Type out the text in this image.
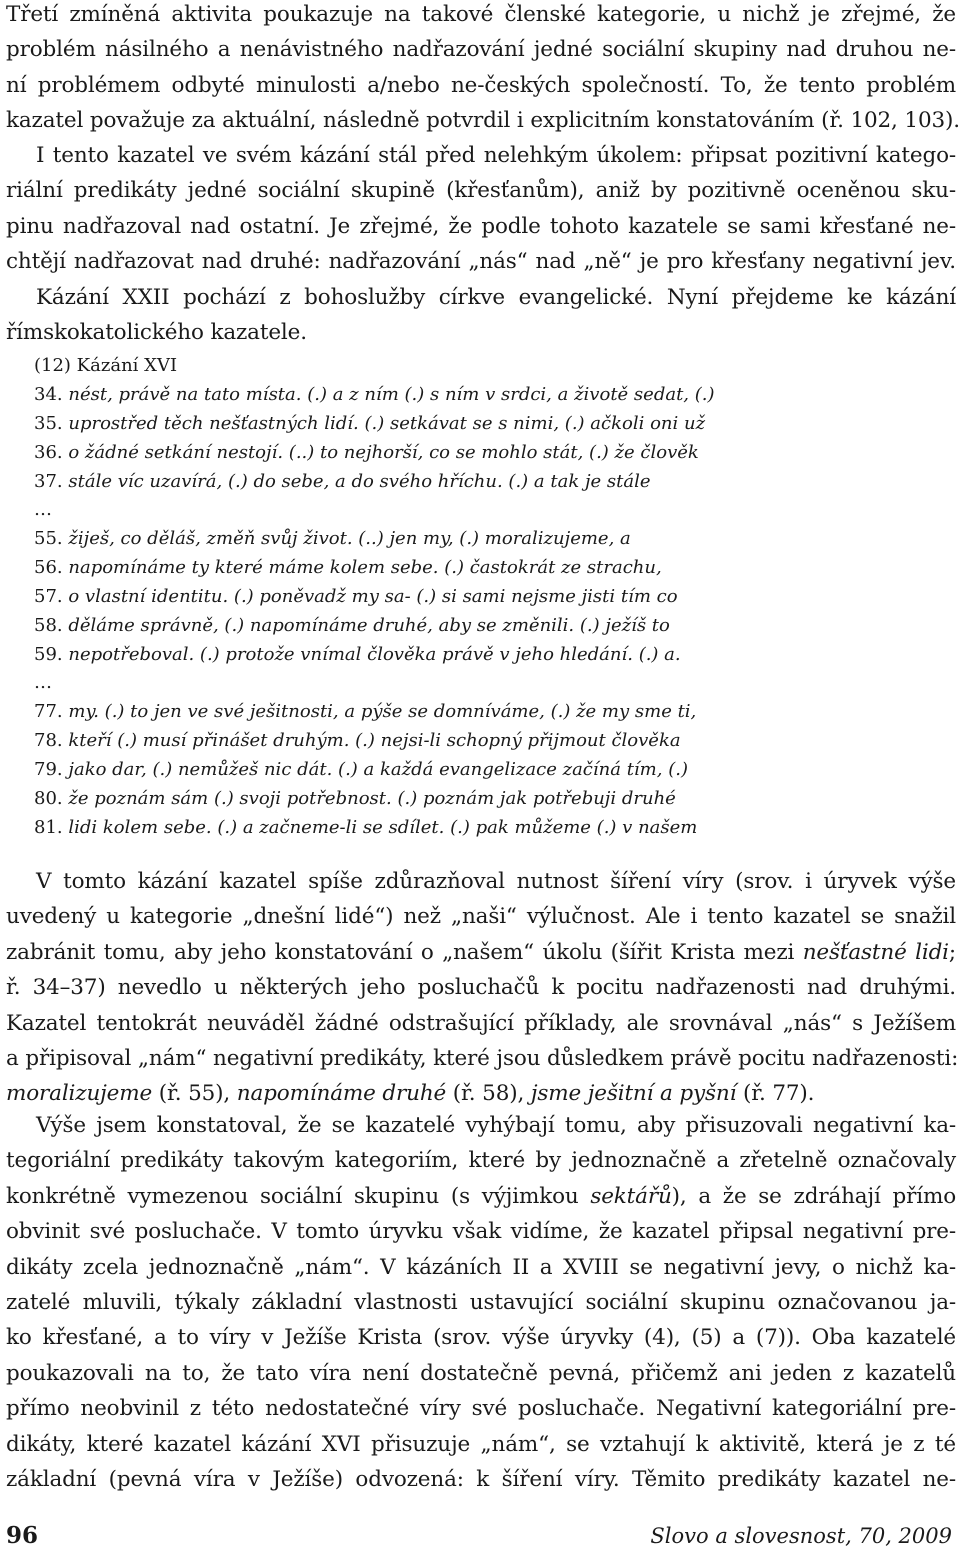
Třetí zmíněná aktivita poukazuje na takové členské kategorie, u nichž je zřejmé, že
problém násilného a nenávistného nadřazování jedné sociální skupiny nad druhou ne-
ní problémem odbyté minulosti a/nebo ne-českých společností. To, že tento problém
kazatel považuje za aktuální, následně potvrdil i explicitním konstatováním (ř. 102, 103).
I tento kazatel ve svém kázání stál před nelehkým úkolem: připsat pozitivní katego-
riální predikáty jedné sociální skupině (křesťanům), aniž by pozitivně oceněnou sku-
pinu nadřazoval nad ostatní. Je zřejmé, že podle tohoto kazatele se sami křesťané ne-
chtějí nadřazovat nad druhé: nadřazování „nás“ nad „ně“ je pro křesťany negativní jev.
Kázání XXII pochází z bohoslužby církve evangelické. Nyní přejdeme ke kázání
římskokatolického kazatele.
(12) Kázání XVI
34. nést, právě na tato místa. (.) a z ním (.) s ním v srdci, a životě sedat, (.)
35. uprostřed těch nešťastných lidí. (.) setkávat se s nimi, (.) ačkoli oni už
36. o žádné setkání nestojí. (..) to nejhorší, co se mohlo stát, (.) že člověk
37. stále víc uzavírá, (.) do sebe, a do svého hříchu. (.) a tak je stále
…
55. žiješ, co děláš, změň svůj život. (..) jen my, (.) moralizujeme, a
56. napomínáme ty které máme kolem sebe. (.) častokrát ze strachu,
57. o vlastní identitu. (.) poněvadž my sa- (.) si sami nejsme jisti tím co
58. děláme správně, (.) napomínáme druhé, aby se změnili. (.) ježíš to
59. nepotřeboval. (.) protože vnímal člověka právě v jeho hledání. (.) a.
…
77. my. (.) to jen ve své ješitnosti, a pýše se domníváme, (.) že my sme ti,
78. kteří (.) musí přinášet druhým. (.) nejsi-li schopný přijmout člověka
79. jako dar, (.) nemůžeš nic dát. (.) a každá evangelizace začíná tím, (.)
80. že poznám sám (.) svoji potřebnost. (.) poznám jak potřebuji druhé
81. lidi kolem sebe. (.) a začneme-li se sdílet. (.) pak můžeme (.) v našem
V tomto kázání kazatel spíše zdůrazňoval nutnost šíření víry (srov. i úryvek výše
uvedený u kategorie „dnešní lidé“) než „naši“ výlučnost. Ale i tento kazatel se snažil
zabránit tomu, aby jeho konstatování o „našem“ úkolu (šířit Krista mezi nešťastné lidi;
ř. 34–37) nevedlo u některých jeho posluchačů k pocitu nadřazenosti nad druhými.
Kazatel tentokrát neuváděl žádné odstrašující příklady, ale srovnával „nás“ s Ježíšem
a připisoval „nám“ negativní predikáty, které jsou důsledkem právě pocitu nadřazenosti:
moralizujeme (ř. 55), napomínáme druhé (ř. 58), jsme ješitní a pyšní (ř. 77).
Výše jsem konstatoval, že se kazatelé vyhýbají tomu, aby přisuzovali negativní ka-
tegoriální predikáty takovým kategoriím, které by jednoznačně a zřetelně označovaly
konkrétně vymezenou sociální skupinu (s výjimkou sektářů), a že se zdráhají přímo
obvinit své posluchače. V tomto úryvku však vidíme, že kazatel připsal negativní pre-
dikáty zcela jednoznačně „nám“. V kázáních II a XVIII se negativní jevy, o nichž ka-
zatelé mluvili, týkaly základní vlastnosti ustavující sociální skupinu označovanou ja-
ko křesťané, a to víry v Ježíše Krista (srov. výše úryvky (4), (5) a (7)). Oba kazatelé
poukazovali na to, že tato víra není dostatečně pevná, přičemž ani jeden z kazatelů
přímo neobvinil z této nedostatečné víry své posluchače. Negativní kategoriální pre-
dikáty, které kazatel kázání XVI přisuzuje „nám“, se vztahují k aktivitě, která je z té
základní (pevná víra v Ježíše) odvozená: k šíření víry. Těmito predikáty kazatel ne-
96	Slovo a slovesnost, 70, 2009
